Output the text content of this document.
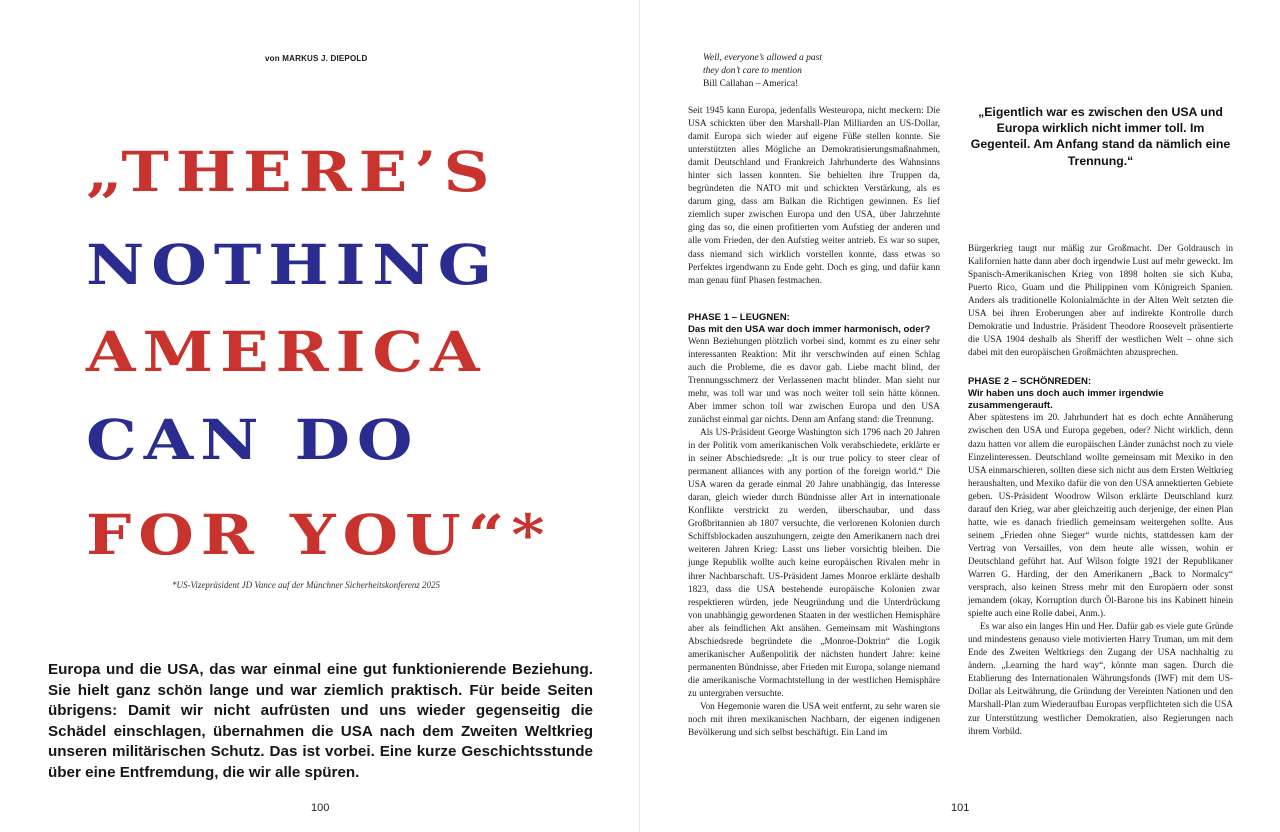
von MARKUS J. DIEPOLD
„THERE’S
NOTHING
AMERICA
CAN DO
FOR YOU“*
*US-Vizepräsident JD Vance auf der Münchner Sicherheitskonferenz 2025

Europa und die USA, das war einmal eine gut funktionierende Beziehung. Sie hielt ganz schön lange und war ziemlich praktisch. Für beide Seiten übrigens: Damit wir nicht aufrüsten und uns wieder gegenseitig die Schädel einschlagen, übernahmen die USA nach dem Zweiten Weltkrieg unseren militärischen Schutz. Das ist vorbei. Eine kurze Geschichtsstunde über eine Entfremdung, die wir alle spüren.

100
Well, everyone’s allowed a past
they don’t care to mention
Bill Callahan – America!

Seit 1945 kann Europa, jedenfalls Westeuropa, nicht meckern: Die USA schickten über den Marshall-Plan Milliarden an US-Dollar, damit Europa sich wieder auf eigene Füße stellen konnte. Sie unterstützten alles Mögliche an Demokratisierungsmaßnahmen, damit Deutschland und Frankreich Jahrhunderte des Wahnsinns hinter sich lassen konnten. Sie behielten ihre Truppen da, begründeten die NATO mit und schickten Verstärkung, als es darum ging, dass am Balkan die Richtigen gewinnen. Es lief ziemlich super zwischen Europa und den USA, über Jahrzehnte ging das so, die einen profitierten vom Aufstieg der anderen und alle vom Frieden, der den Aufstieg weiter antrieb. Es war so super, dass niemand sich wirklich vorstellen konnte, dass etwas so Perfektes irgendwann zu Ende geht. Doch es ging, und dafür kann man genau fünf Phasen festmachen.

PHASE 1 – LEUGNEN:
Das mit den USA war doch immer harmonisch, oder?

Wenn Beziehungen plötzlich vorbei sind, kommt es zu einer sehr interessanten Reaktion: Mit ihr verschwinden auf einen Schlag auch die Probleme, die es davor gab. Liebe macht blind, der Trennungsschmerz der Verlassenen macht blinder. Man sieht nur mehr, was toll war und was noch weiter toll sein hätte können. Aber immer schon toll war zwischen Europa und den USA zunächst einmal gar nichts. Denn am Anfang stand: die Trennung.

Als US-Präsident George Washington sich 1796 nach 20 Jahren in der Politik vom amerikanischen Volk verabschiedete, erklärte er in seiner Abschiedsrede: „It is our true policy to steer clear of permanent alliances with any portion of the foreign world.“ Die USA waren da gerade einmal 20 Jahre unabhängig, das Interesse daran, gleich wieder durch Bündnisse aller Art in internationale Konflikte verstrickt zu werden, überschaubar, und dass Großbritannien ab 1807 versuchte, die verlorenen Kolonien durch Schiffsblockaden auszuhungern, zeigte den Amerikanern nach drei weiteren Jahren Krieg: Lasst uns lieber vorsichtig bleiben. Die junge Republik wollte auch keine europäischen Rivalen mehr in ihrer Nachbarschaft. US-Präsident James Monroe erklärte deshalb 1823, dass die USA bestehende europäische Kolonien zwar respektieren würden, jede Neugründung und die Unterdrückung von unabhängig gewordenen Staaten in der westlichen Hemisphäre aber als feindlichen Akt ansähen. Gemeinsam mit Washingtons Abschiedsrede begründete die „Monroe-Doktrin“ die Logik amerikanischer Außenpolitik der nächsten hundert Jahre: keine permanenten Bündnisse, aber Frieden mit Europa, solange niemand die amerikanische Vormachtstellung in der westlichen Hemisphäre zu untergraben versuchte.

Von Hegemonie waren die USA weit entfernt, zu sehr waren sie noch mit ihren mexikanischen Nachbarn, der eigenen indigenen Bevölkerung und sich selbst beschäftigt. Ein Land im

„Eigentlich war es zwischen den USA und Europa wirklich nicht immer toll. Im Gegenteil. Am Anfang stand da nämlich eine Trennung.“

Bürgerkrieg taugt nur mäßig zur Großmacht. Der Goldrausch in Kalifornien hatte dann aber doch irgendwie Lust auf mehr geweckt. Im Spanisch-Amerikanischen Krieg von 1898 holten sie sich Kuba, Puerto Rico, Guam und die Philippinen vom Königreich Spanien. Anders als traditionelle Kolonialmächte in der Alten Welt setzten die USA bei ihren Eroberungen aber auf indirekte Kontrolle durch Demokratie und Industrie. Präsident Theodore Roosevelt präsentierte die USA 1904 deshalb als Sheriff der westlichen Welt – ohne sich dabei mit den europäischen Großmächten abzusprechen.

PHASE 2 – SCHÖNREDEN:
Wir haben uns doch auch immer irgendwie zusammengerauft.

Aber spätestens im 20. Jahrhundert hat es doch echte Annäherung zwischen den USA und Europa gegeben, oder? Nicht wirklich, denn dazu hatten vor allem die europäischen Länder zunächst noch zu viele Einzelinteressen. Deutschland wollte gemeinsam mit Mexiko in den USA einmarschieren, sollten diese sich nicht aus dem Ersten Weltkrieg heraushalten, und Mexiko dafür die von den USA annektierten Gebiete geben. US-Präsident Woodrow Wilson erklärte Deutschland kurz darauf den Krieg, war aber gleichzeitig auch derjenige, der einen Plan hatte, wie es danach friedlich gemeinsam weitergehen sollte. Aus seinem „Frieden ohne Sieger“ wurde nichts, stattdessen kam der Vertrag von Versailles, von dem heute alle wissen, wohin er Deutschland geführt hat. Auf Wilson folgte 1921 der Republikaner Warren G. Harding, der den Amerikanern „Back to Normalcy“ versprach, also keinen Stress mehr mit den Europäern oder sonst jemandem (okay, Korruption durch Öl-Barone bis ins Kabinett hinein spielte auch eine Rolle dabei, Anm.).

Es war also ein langes Hin und Her. Dafür gab es viele gute Gründe und mindestens genauso viele motivierten Harry Truman, um mit dem Ende des Zweiten Weltkriegs den Zugang der USA nachhaltig zu ändern. „Learning the hard way“, könnte man sagen. Durch die Etablierung des Internationalen Währungsfonds (IWF) mit dem US-Dollar als Leitwährung, die Gründung der Vereinten Nationen und den Marshall-Plan zum Wiederaufbau Europas verpflichteten sich die USA zur Unterstützung westlicher Demokratien, also Regierungen nach ihrem Vorbild.

101
